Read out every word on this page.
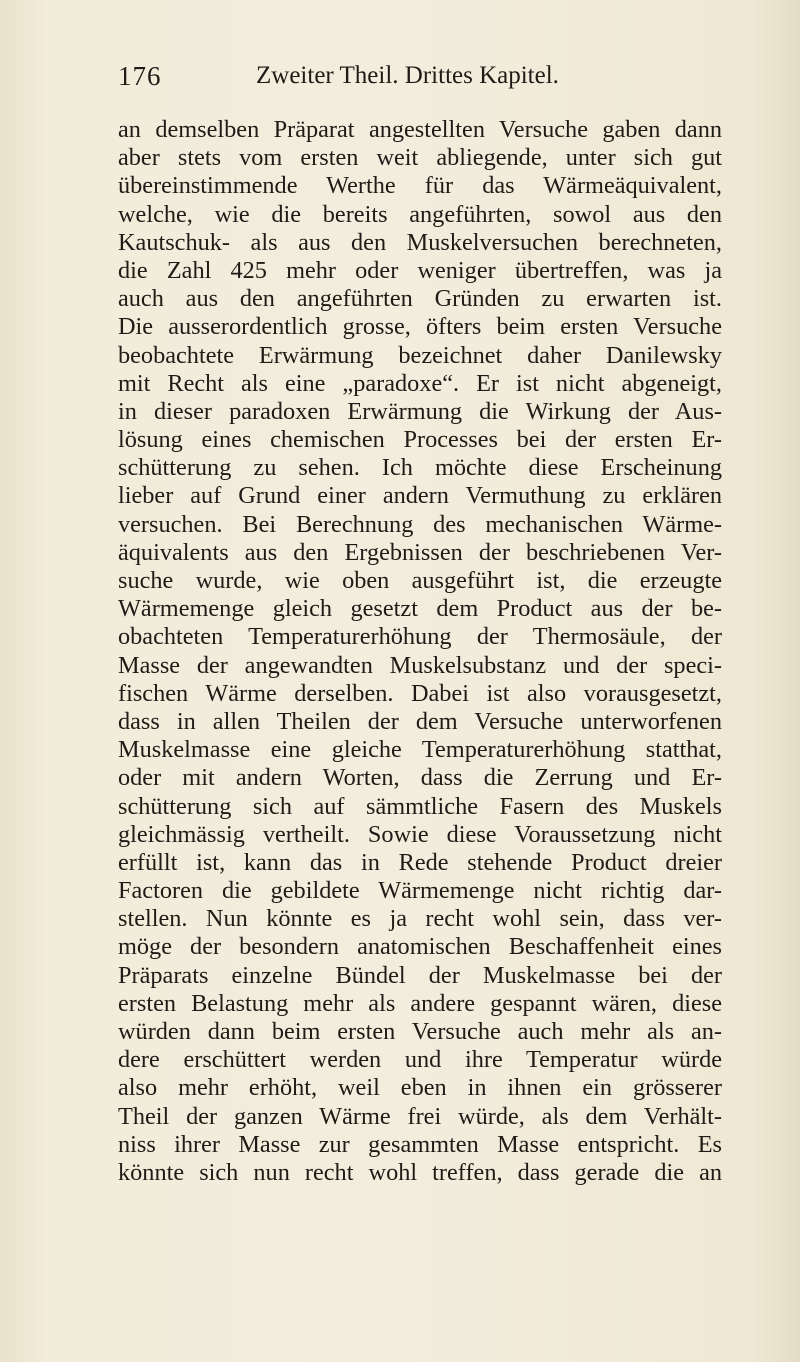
176	Zweiter Theil. Drittes Kapitel.
an demselben Präparat angestellten Versuche gaben dann
aber stets vom ersten weit abliegende, unter sich gut
übereinstimmende Werthe für das Wärmeäquivalent,
welche, wie die bereits angeführten, sowol aus den
Kautschuk- als aus den Muskelversuchen berechneten,
die Zahl 425 mehr oder weniger übertreffen, was ja
auch aus den angeführten Gründen zu erwarten ist.
Die ausserordentlich grosse, öfters beim ersten Versuche
beobachtete Erwärmung bezeichnet daher Danilewsky
mit Recht als eine „paradoxe“. Er ist nicht abgeneigt,
in dieser paradoxen Erwärmung die Wirkung der Aus-
lösung eines chemischen Processes bei der ersten Er-
schütterung zu sehen. Ich möchte diese Erscheinung
lieber auf Grund einer andern Vermuthung zu erklären
versuchen. Bei Berechnung des mechanischen Wärme-
äquivalents aus den Ergebnissen der beschriebenen Ver-
suche wurde, wie oben ausgeführt ist, die erzeugte
Wärmemenge gleich gesetzt dem Product aus der be-
obachteten Temperaturerhöhung der Thermosäule, der
Masse der angewandten Muskelsubstanz und der speci-
fischen Wärme derselben. Dabei ist also vorausgesetzt,
dass in allen Theilen der dem Versuche unterworfenen
Muskelmasse eine gleiche Temperaturerhöhung statthat,
oder mit andern Worten, dass die Zerrung und Er-
schütterung sich auf sämmtliche Fasern des Muskels
gleichmässig vertheilt. Sowie diese Voraussetzung nicht
erfüllt ist, kann das in Rede stehende Product dreier
Factoren die gebildete Wärmemenge nicht richtig dar-
stellen. Nun könnte es ja recht wohl sein, dass ver-
möge der besondern anatomischen Beschaffenheit eines
Präparats einzelne Bündel der Muskelmasse bei der
ersten Belastung mehr als andere gespannt wären, diese
würden dann beim ersten Versuche auch mehr als an-
dere erschüttert werden und ihre Temperatur würde
also mehr erhöht, weil eben in ihnen ein grösserer
Theil der ganzen Wärme frei würde, als dem Verhält-
niss ihrer Masse zur gesammten Masse entspricht. Es
könnte sich nun recht wohl treffen, dass gerade die an
